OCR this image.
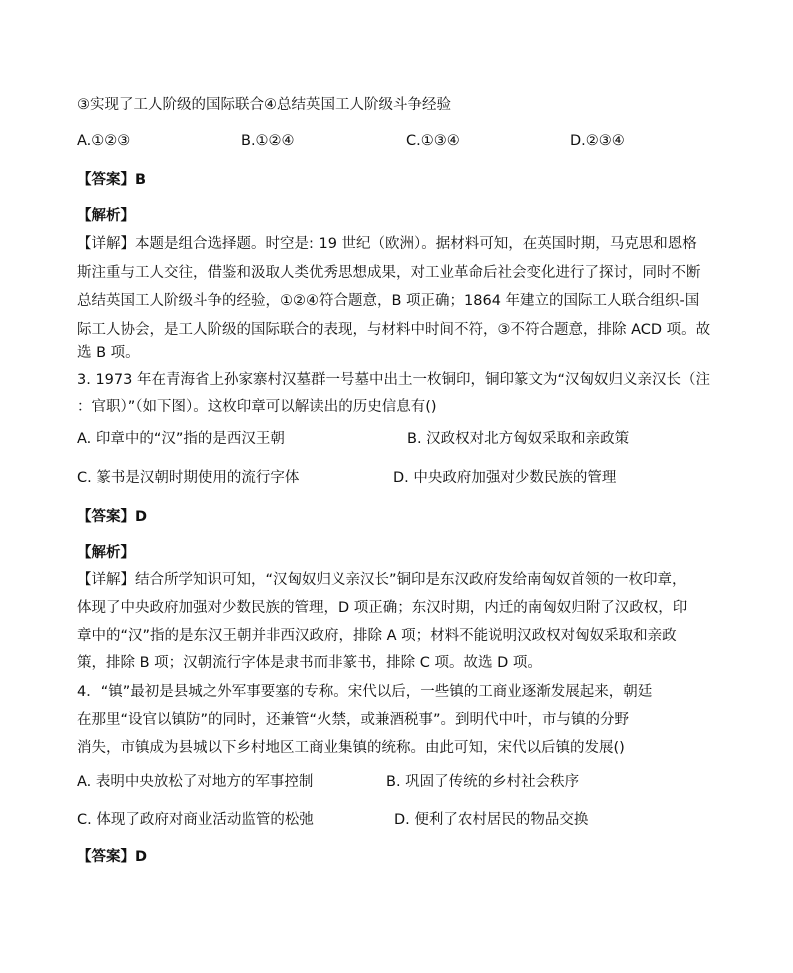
③实现了工人阶级的国际联合④总结英国工人阶级斗争经验
A.①②③	B.①②④	C.①③④	D.②③④
【答案】B
【解析】
【详解】本题是组合选择题。时空是: 19 世纪（欧洲）。据材料可知，在英国时期，马克思和恩格
斯注重与工人交往，借鉴和汲取人类优秀思想成果，对工业革命后社会变化进行了探讨，同时不断
总结英国工人阶级斗争的经验，①②④符合题意，B 项正确；1864 年建立的国际工人联合组织-国
际工人协会，是工人阶级的国际联合的表现，与材料中时间不符，③不符合题意，排除 ACD 项。故
选 B 项。
3. 1973 年在青海省上孙家寨村汉墓群一号墓中出土一枚铜印，铜印篆文为“汉匈奴归义亲汉长（注
：官职）”（如下图）。这枚印章可以解读出的历史信息有()
A. 印章中的“汉”指的是西汉王朝	B. 汉政权对北方匈奴采取和亲政策
C. 篆书是汉朝时期使用的流行字体	D. 中央政府加强对少数民族的管理
【答案】D
【解析】
【详解】结合所学知识可知，“汉匈奴归义亲汉长”铜印是东汉政府发给南匈奴首领的一枚印章，
体现了中央政府加强对少数民族的管理，D 项正确；东汉时期，内迁的南匈奴归附了汉政权，印
章中的“汉”指的是东汉王朝并非西汉政府，排除 A 项；材料不能说明汉政权对匈奴采取和亲政
策，排除 B 项；汉朝流行字体是隶书而非篆书，排除 C 项。故选 D 项。
4．“镇”最初是县城之外军事要塞的专称。宋代以后，一些镇的工商业逐渐发展起来，朝廷
在那里“设官以镇防”的同时，还兼管“火禁，或兼酒税事”。到明代中叶，市与镇的分野
消失，市镇成为县城以下乡村地区工商业集镇的统称。由此可知，宋代以后镇的发展()
A. 表明中央放松了对地方的军事控制	B. 巩固了传统的乡村社会秩序
C. 体现了政府对商业活动监管的松弛	D. 便利了农村居民的物品交换
【答案】D
